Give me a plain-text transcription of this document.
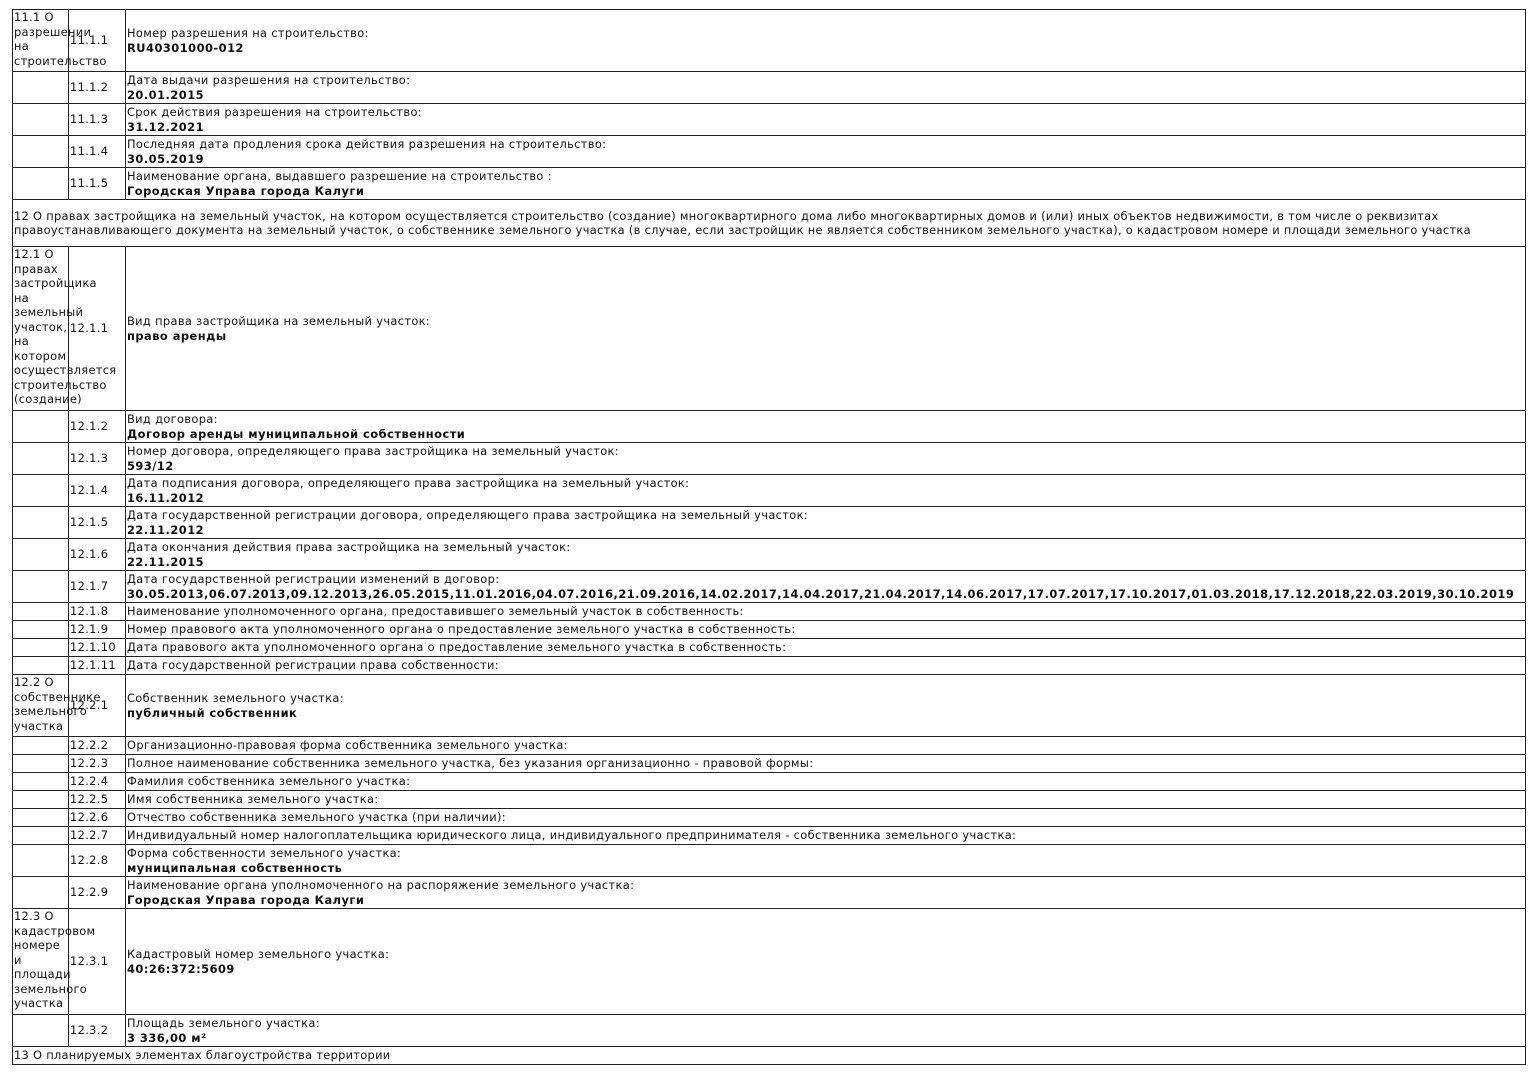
11.1 О разрешении на строительство	11.1.1	Номер разрешения на строительство:
RU40301000-012

	11.1.2	Дата выдачи разрешения на строительство:
20.01.2015

	11.1.3	Срок действия разрешения на строительство:
31.12.2021

	11.1.4	Последняя дата продления срока действия разрешения на строительство:
30.05.2019

	11.1.5	Наименование органа, выдавшего разрешение на строительство :
Городская Управа города Калуги

12 О правах застройщика на земельный участок, на котором осуществляется строительство (создание) многоквартирного дома либо многоквартирных домов и (или) иных объектов недвижимости, в том числе о реквизитах правоустанавливающего документа на земельный участок, о собственнике земельного участка (в случае, если застройщик не является собственником земельного участка), о кадастровом номере и площади земельного участка		
12.1 О правах застройщика на земельный участок, на котором осуществляется строительство (создание)	12.1.1	Вид права застройщика на земельный участок:
право аренды

	12.1.2	Вид договора:
Договор аренды муниципальной собственности

	12.1.3	Номер договора, определяющего права застройщика на земельный участок:
593/12

	12.1.4	Дата подписания договора, определяющего права застройщика на земельный участок:
16.11.2012

	12.1.5	Дата государственной регистрации договора, определяющего права застройщика на земельный участок:
22.11.2012

	12.1.6	Дата окончания действия права застройщика на земельный участок:
22.11.2015

	12.1.7	Дата государственной регистрации изменений в договор:
30.05.2013,06.07.2013,09.12.2013,26.05.2015,11.01.2016,04.07.2016,21.09.2016,14.02.2017,14.04.2017,21.04.2017,14.06.2017,17.07.2017,17.10.2017,01.03.2018,17.12.2018,22.03.2019,30.10.2019

	12.1.8	Наименование уполномоченного органа, предоставившего земельный участок в собственность:

	12.1.9	Номер правового акта уполномоченного органа о предоставление земельного участка в собственность:

	12.1.10	Дата правового акта уполномоченного органа о предоставление земельного участка в собственность:

	12.1.11	Дата государственной регистрации права собственности:

12.2 О собственнике земельного участка	12.2.1	Собственник земельного участка:
публичный собственник

	12.2.2	Организационно-правовая форма собственника земельного участка:

	12.2.3	Полное наименование собственника земельного участка, без указания организационно - правовой формы:

	12.2.4	Фамилия собственника земельного участка:

	12.2.5	Имя собственника земельного участка:

	12.2.6	Отчество собственника земельного участка (при наличии):

	12.2.7	Индивидуальный номер налогоплательщика юридического лица, индивидуального предпринимателя - собственника земельного участка:

	12.2.8	Форма собственности земельного участка:
муниципальная собственность

	12.2.9	Наименование органа уполномоченного на распоряжение земельного участка:
Городская Управа города Калуги

12.3 О кадастровом номере и площади земельного участка	12.3.1	Кадастровый номер земельного участка:
40:26:372:5609

	12.3.2	Площадь земельного участка:
3 336,00 м²

13 О планируемых элементах благоустройства территории		
